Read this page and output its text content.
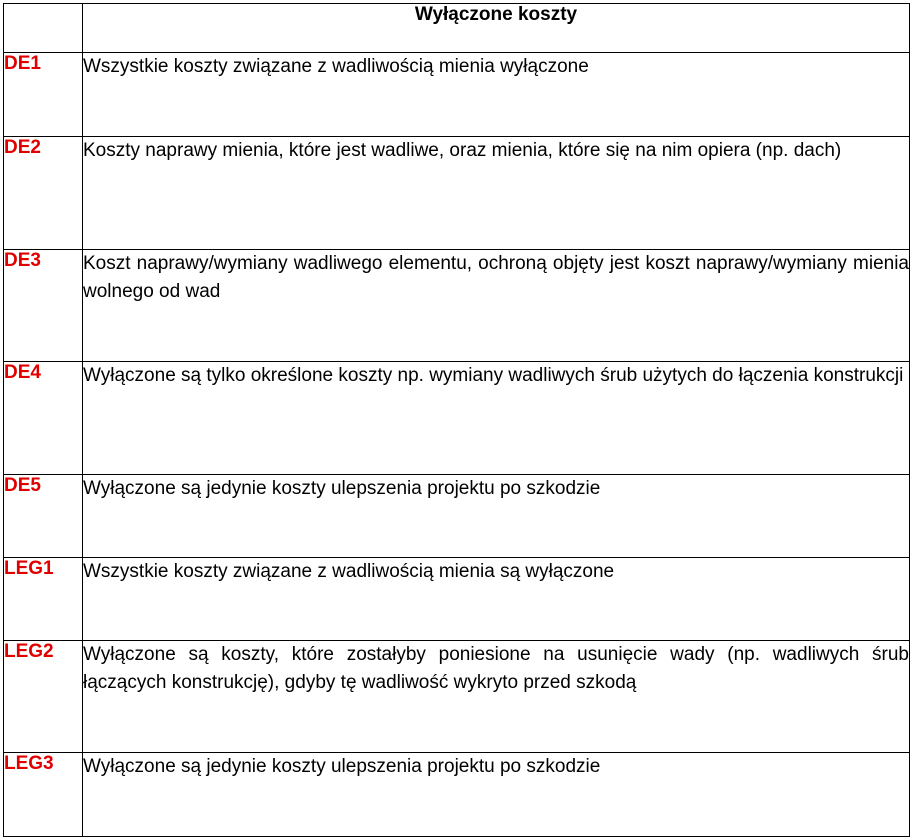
	Wyłączone koszty
DE1	Wszystkie koszty związane z wadliwością mienia wyłączone
DE2	Koszty naprawy mienia, które jest wadliwe, oraz mienia, które się na nim opiera (np. dach)
DE3	Koszt naprawy/wymiany wadliwego elementu, ochroną objęty jest koszt naprawy/wymiany mienia wolnego od wad
DE4	Wyłączone są tylko określone koszty np. wymiany wadliwych śrub użytych do łączenia konstrukcji
DE5	Wyłączone są jedynie koszty ulepszenia projektu po szkodzie
LEG1	Wszystkie koszty związane z wadliwością mienia są wyłączone
LEG2	Wyłączone są koszty, które zostałyby poniesione na usunięcie wady (np. wadliwych śrub łączących konstrukcję), gdyby tę wadliwość wykryto przed szkodą
LEG3	Wyłączone są jedynie koszty ulepszenia projektu po szkodzie
